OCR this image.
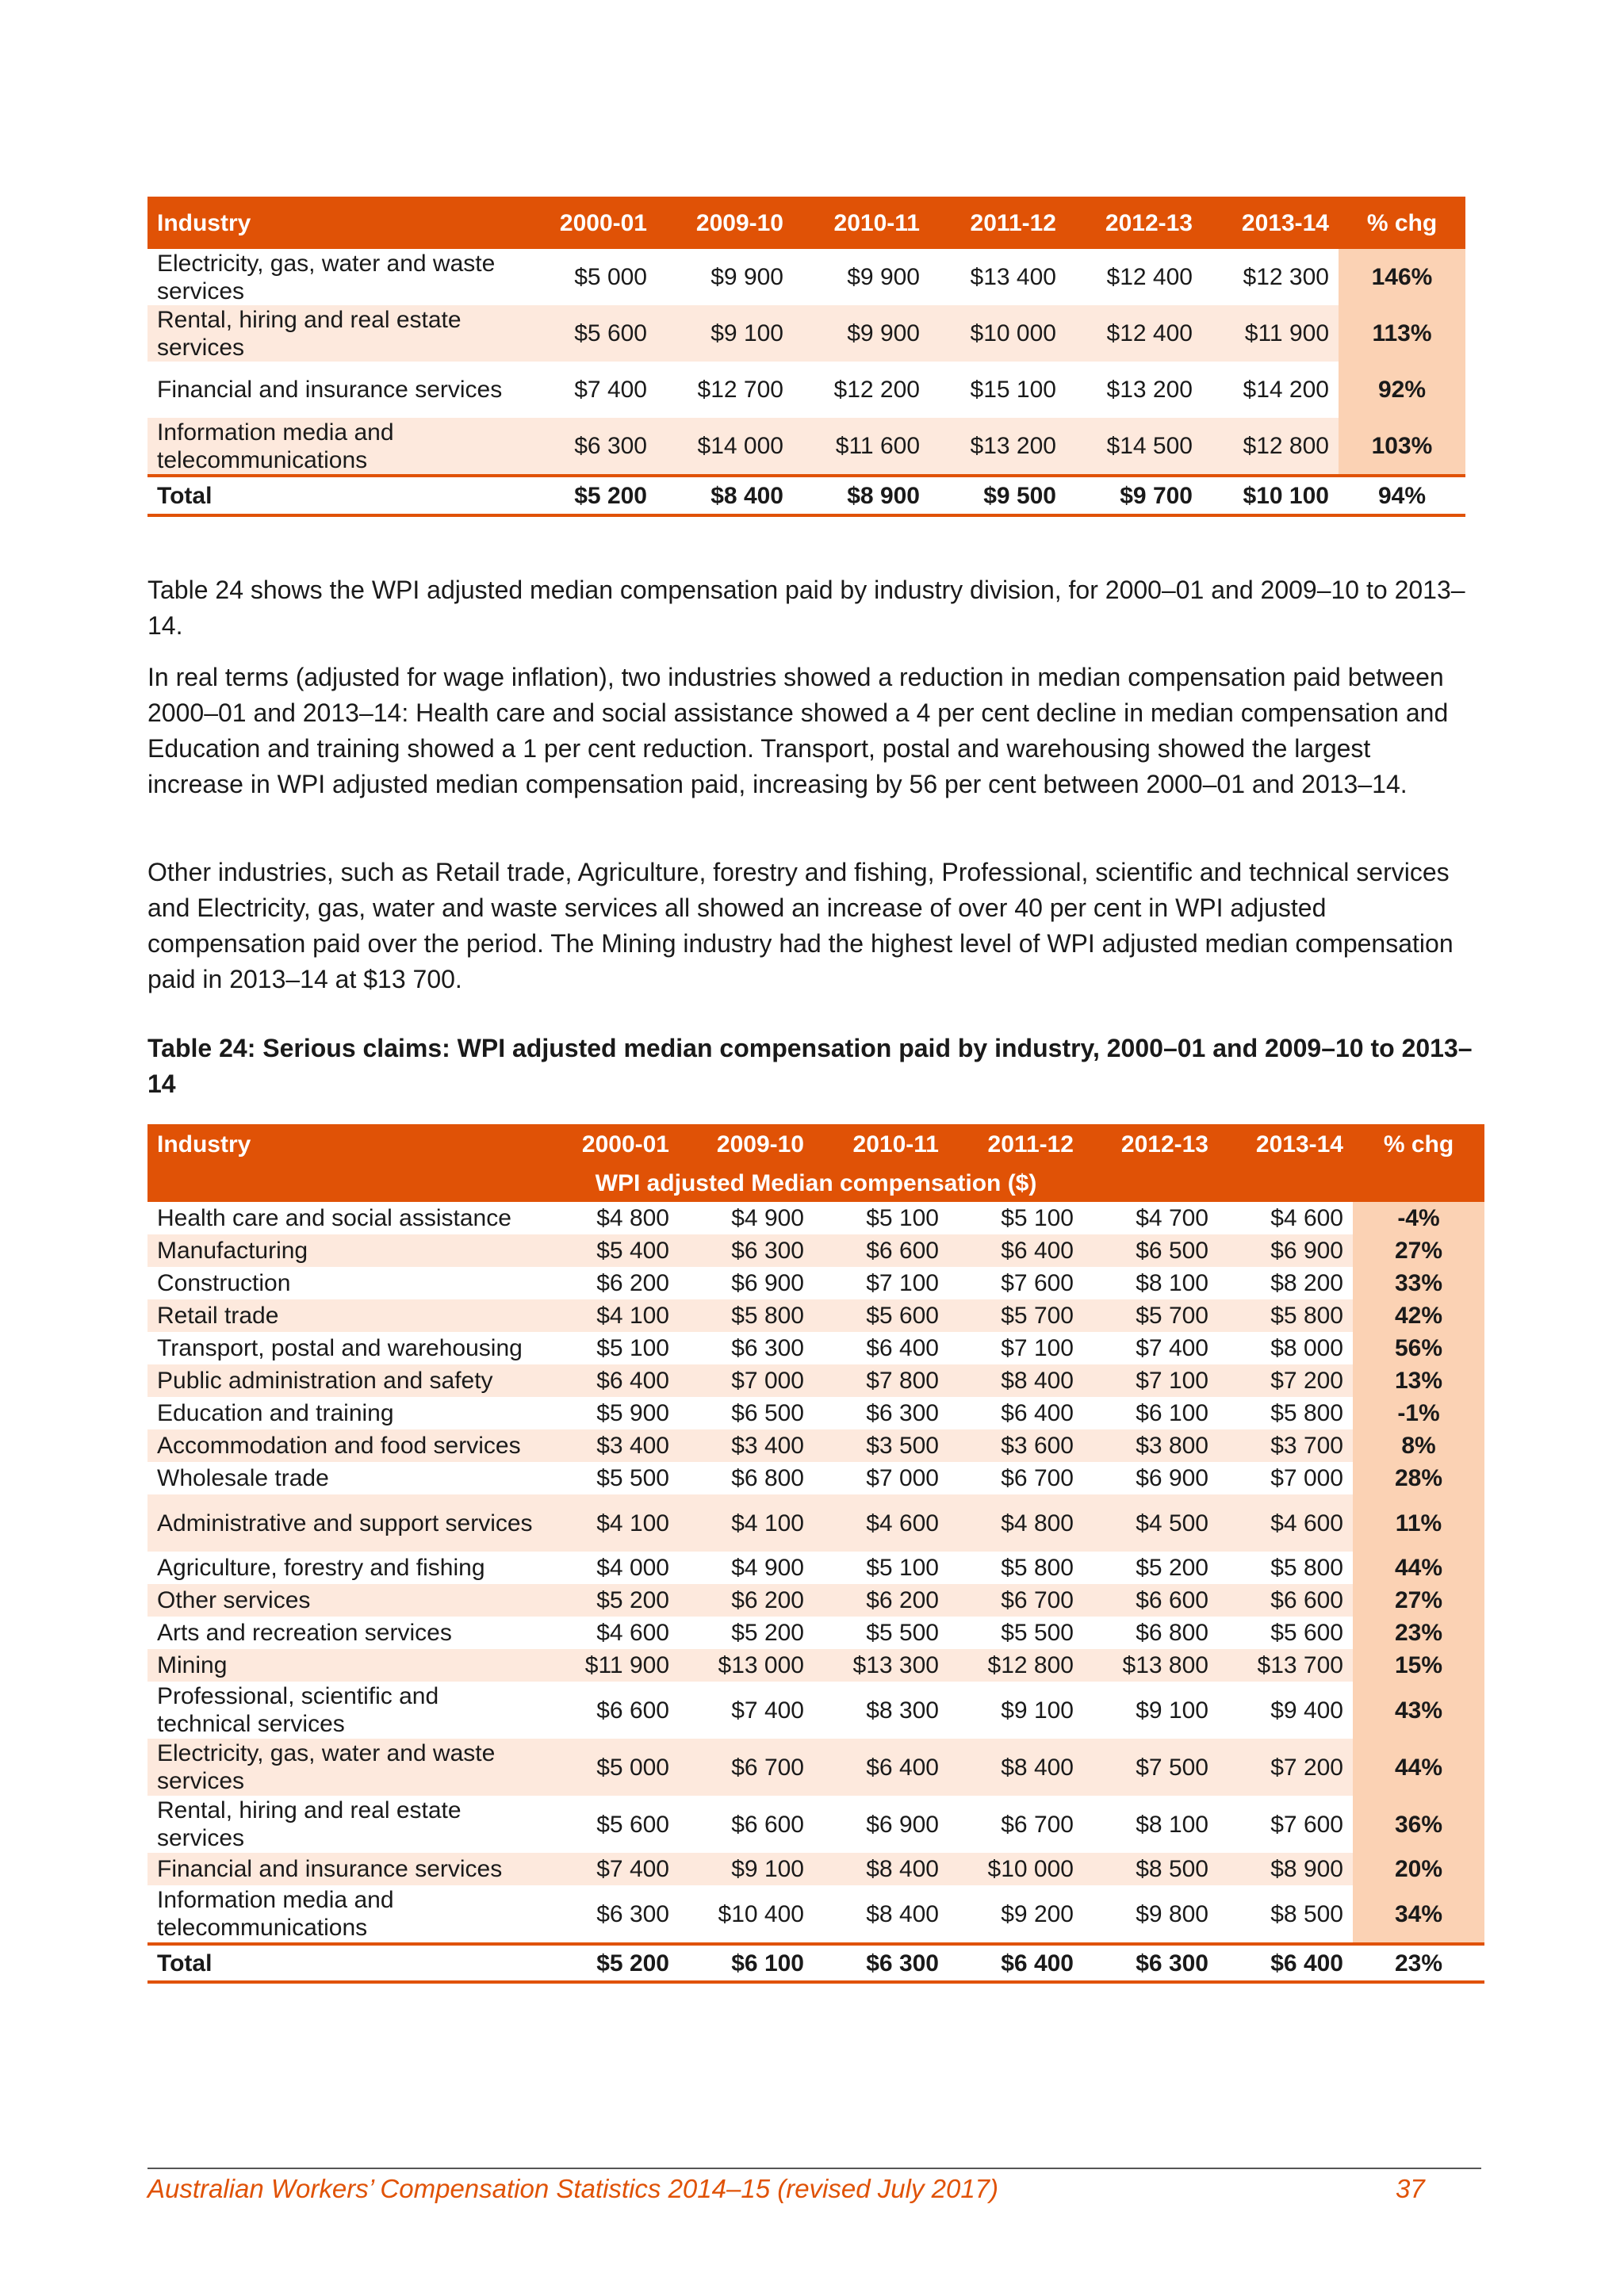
Industry	2000-01	2009-10	2010-11	2011-12	2012-13	2013-14	% chg
Electricity, gas, water and waste services	$5 000	$9 900	$9 900	$13 400	$12 400	$12 300	146%
Rental, hiring and real estate services	$5 600	$9 100	$9 900	$10 000	$12 400	$11 900	113%
Financial and insurance services	$7 400	$12 700	$12 200	$15 100	$13 200	$14 200	92%
Information media and telecommunications	$6 300	$14 000	$11 600	$13 200	$14 500	$12 800	103%
Total	$5 200	$8 400	$8 900	$9 500	$9 700	$10 100	94%

Table 24 shows the WPI adjusted median compensation paid by industry division, for 2000–01 and 2009–10 to 2013–14.

In real terms (adjusted for wage inflation), two industries showed a reduction in median compensation paid between 2000–01 and 2013–14: Health care and social assistance showed a 4 per cent decline in median compensation and Education and training showed a 1 per cent reduction. Transport, postal and warehousing showed the largest increase in WPI adjusted median compensation paid, increasing by 56 per cent between 2000–01 and 2013–14.

Other industries, such as Retail trade, Agriculture, forestry and fishing, Professional, scientific and technical services and Electricity, gas, water and waste services all showed an increase of over 40 per cent in WPI adjusted compensation paid over the period. The Mining industry had the highest level of WPI adjusted median compensation paid in 2013–14 at $13 700.

Table 24: Serious claims: WPI adjusted median compensation paid by industry, 2000–01 and 2009–10 to 2013–14
Industry	2000-01	2009-10	2010-11	2011-12	2012-13	2013-14	% chg
WPI adjusted Median compensation ($)							
Health care and social assistance	$4 800	$4 900	$5 100	$5 100	$4 700	$4 600	-4%
Manufacturing	$5 400	$6 300	$6 600	$6 400	$6 500	$6 900	27%
Construction	$6 200	$6 900	$7 100	$7 600	$8 100	$8 200	33%
Retail trade	$4 100	$5 800	$5 600	$5 700	$5 700	$5 800	42%
Transport, postal and warehousing	$5 100	$6 300	$6 400	$7 100	$7 400	$8 000	56%
Public administration and safety	$6 400	$7 000	$7 800	$8 400	$7 100	$7 200	13%
Education and training	$5 900	$6 500	$6 300	$6 400	$6 100	$5 800	-1%
Accommodation and food services	$3 400	$3 400	$3 500	$3 600	$3 800	$3 700	8%
Wholesale trade	$5 500	$6 800	$7 000	$6 700	$6 900	$7 000	28%
Administrative and support services	$4 100	$4 100	$4 600	$4 800	$4 500	$4 600	11%
Agriculture, forestry and fishing	$4 000	$4 900	$5 100	$5 800	$5 200	$5 800	44%
Other services	$5 200	$6 200	$6 200	$6 700	$6 600	$6 600	27%
Arts and recreation services	$4 600	$5 200	$5 500	$5 500	$6 800	$5 600	23%
Mining	$11 900	$13 000	$13 300	$12 800	$13 800	$13 700	15%
Professional, scientific and technical services	$6 600	$7 400	$8 300	$9 100	$9 100	$9 400	43%
Electricity, gas, water and waste services	$5 000	$6 700	$6 400	$8 400	$7 500	$7 200	44%
Rental, hiring and real estate services	$5 600	$6 600	$6 900	$6 700	$8 100	$7 600	36%
Financial and insurance services	$7 400	$9 100	$8 400	$10 000	$8 500	$8 900	20%
Information media and telecommunications	$6 300	$10 400	$8 400	$9 200	$9 800	$8 500	34%
Total	$5 200	$6 100	$6 300	$6 400	$6 300	$6 400	23%
Australian Workers’ Compensation Statistics 2014–15 (revised July 2017)	37
